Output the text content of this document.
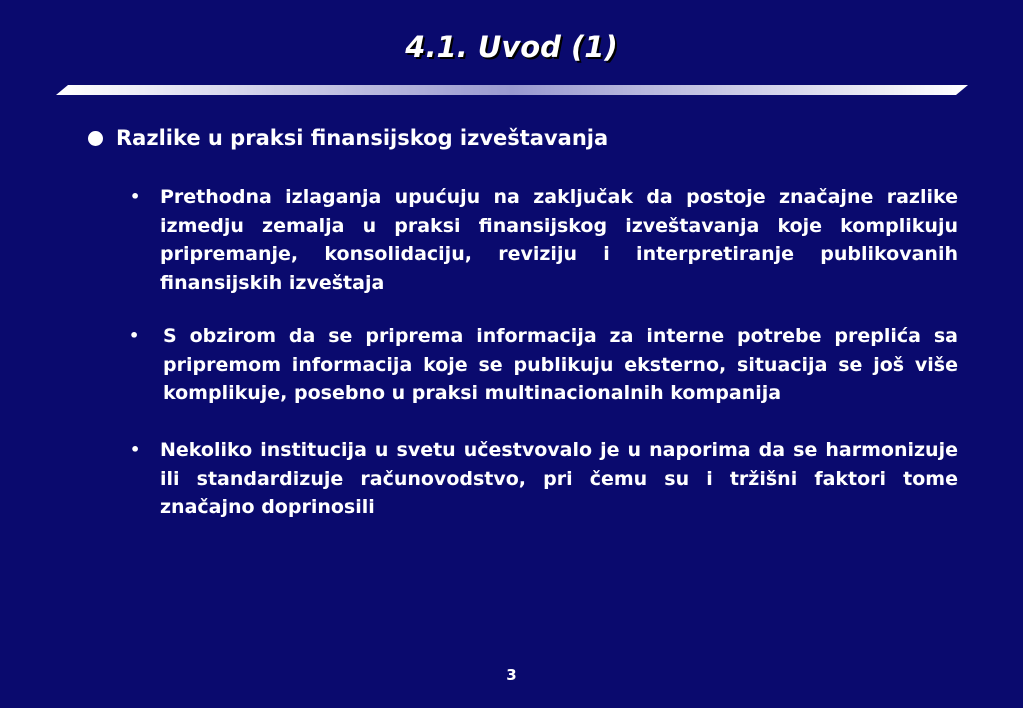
4.1. Uvod (1)
Razlike u praksi finansijskog izveštavanja
• Prethodna izlaganja upućuju na zaključak da postoje značajne razlike izmedju zemalja u praksi finansijskog izveštavanja koje komplikuju pripremanje, konsolidaciju, reviziju i interpretiranje publikovanih finansijskih izveštaja
• S obzirom da se priprema informacija za interne potrebe preplića sa pripremom informacija koje se publikuju eksterno, situacija se još više komplikuje, posebno u praksi multinacionalnih kompanija
• Nekoliko institucija u svetu učestvovalo je u naporima da se harmonizuje ili standardizuje računovodstvo, pri čemu su i tržišni faktori tome značajno doprinosili
3
